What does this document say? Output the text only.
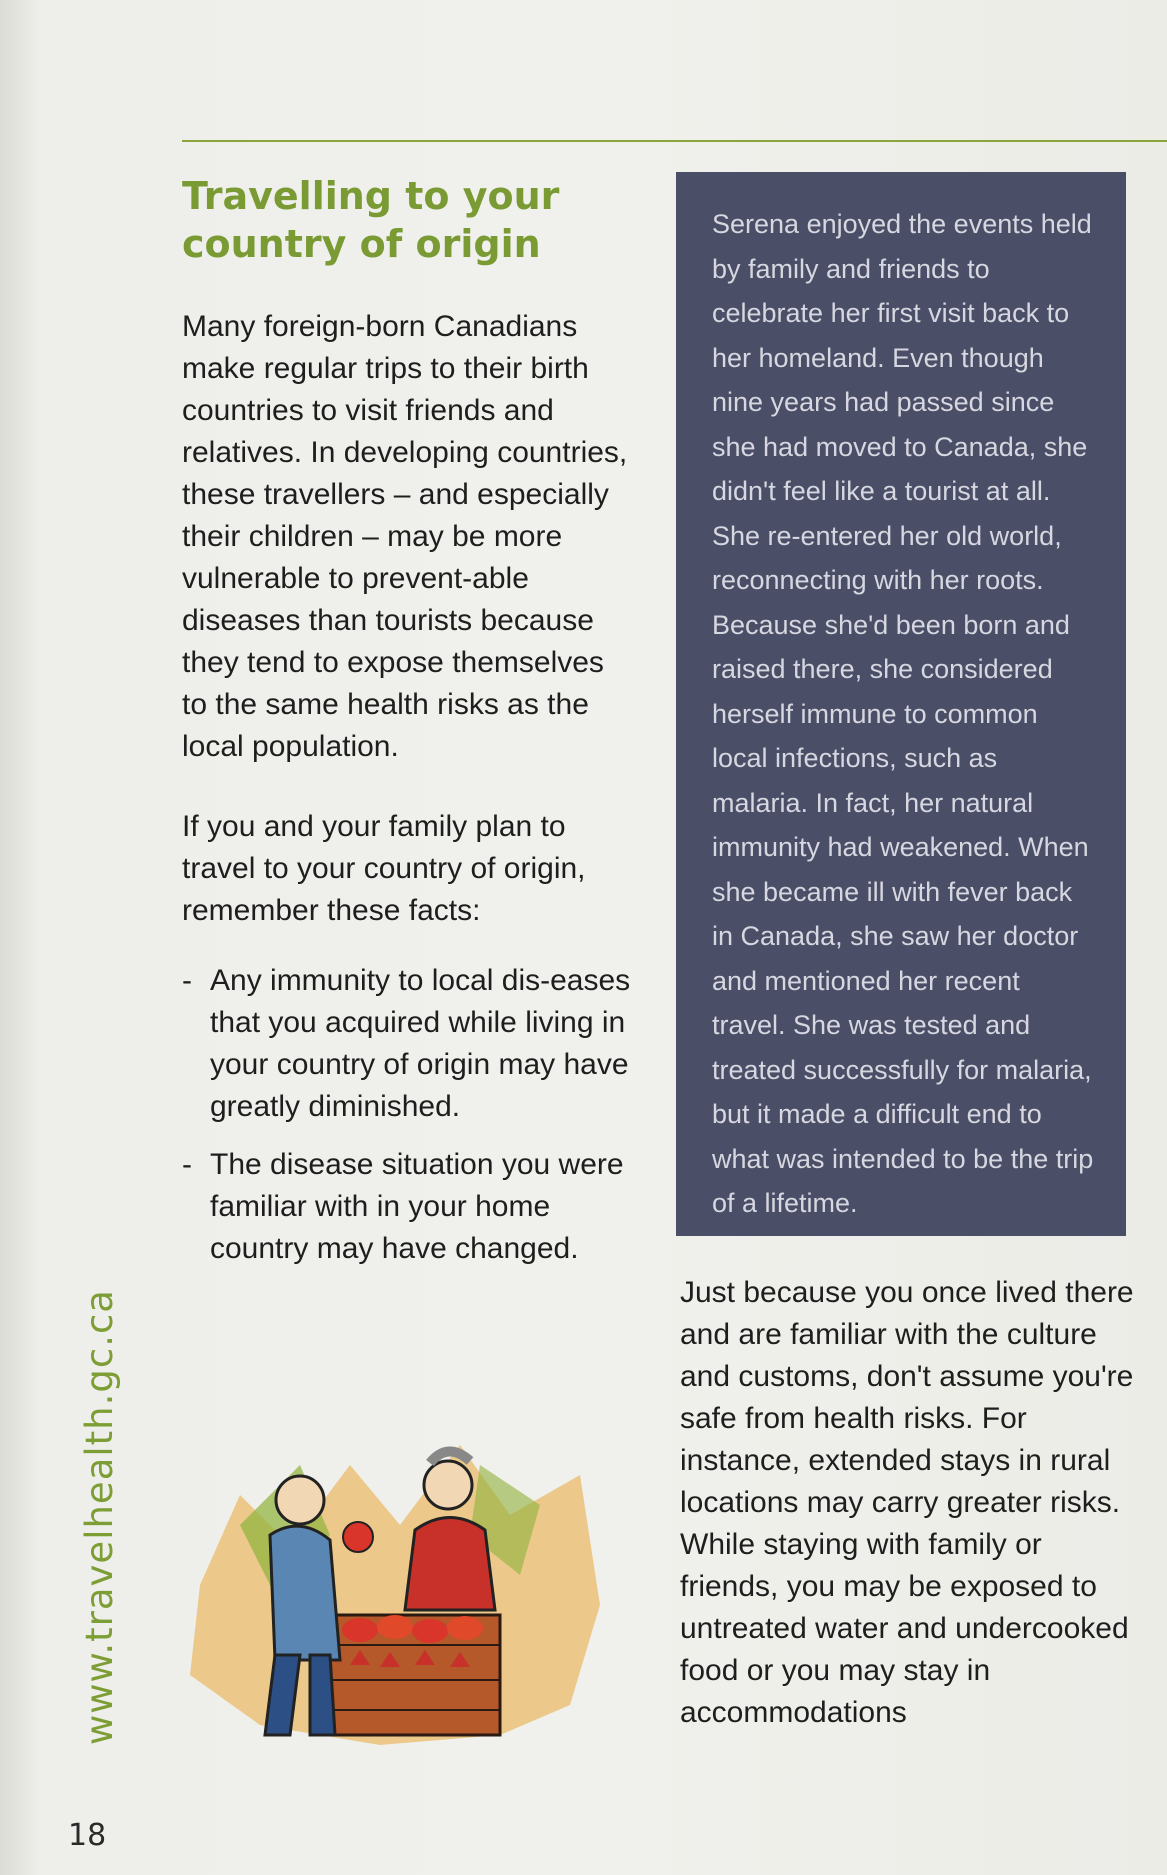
Travelling to your country of origin

Many foreign-born Canadians make regular trips to their birth countries to visit friends and relatives. In developing countries, these travellers – and especially their children – may be more vulnerable to prevent-able diseases than tourists because they tend to expose themselves to the same health risks as the local population.

If you and your family plan to travel to your country of origin, remember these facts:

- Any immunity to local dis-eases that you acquired while living in your country of origin may have greatly diminished.
- The disease situation you were familiar with in your home country may have changed.
Serena enjoyed the events held by family and friends to celebrate her first visit back to her homeland. Even though nine years had passed since she had moved to Canada, she didn't feel like a tourist at all. She re-entered her old world, reconnecting with her roots. Because she'd been born and raised there, she considered herself immune to common local infections, such as malaria. In fact, her natural immunity had weakened. When she became ill with fever back in Canada, she saw her doctor and mentioned her recent travel. She was tested and treated successfully for malaria, but it made a difficult end to what was intended to be the trip of a lifetime.

Just because you once lived there and are familiar with the culture and customs, don't assume you're safe from health risks. For instance, extended stays in rural locations may carry greater risks. While staying with family or friends, you may be exposed to untreated water and undercooked food or you may stay in accommodations

www.travelhealth.gc.ca
18
